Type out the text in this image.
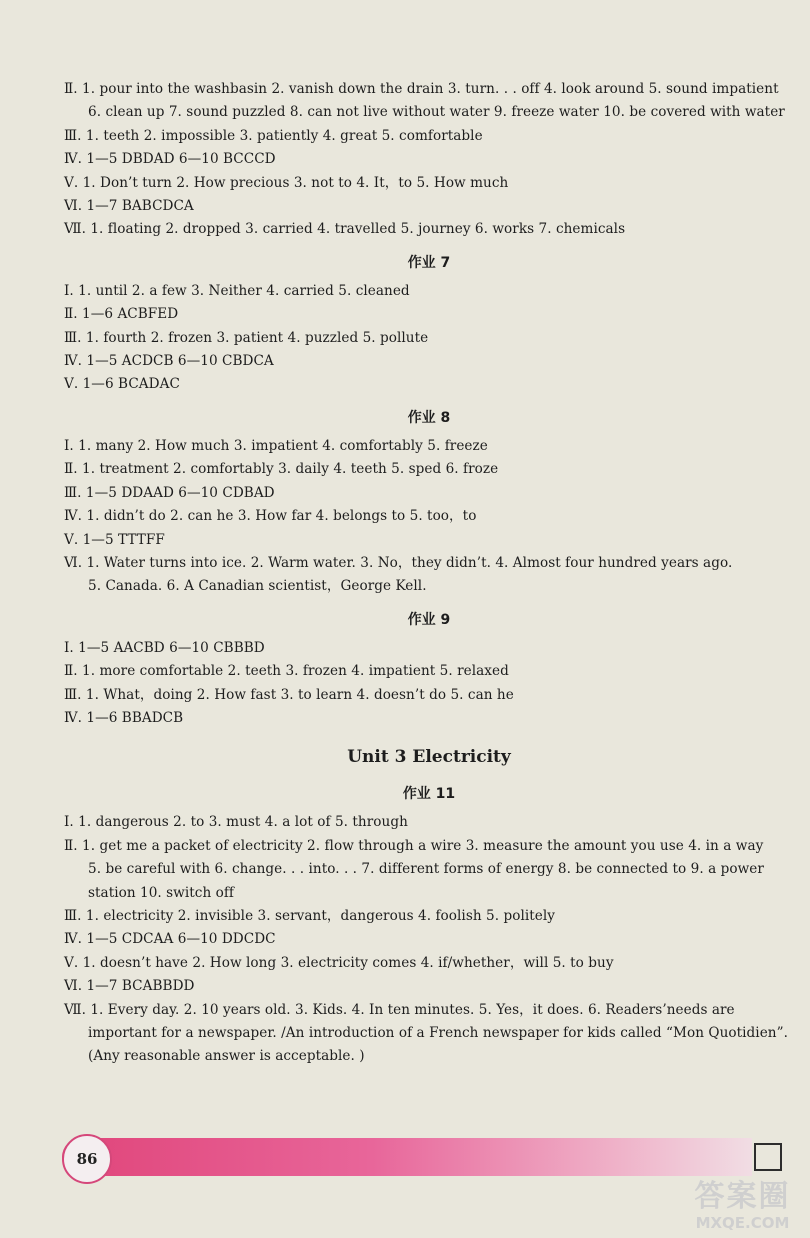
Ⅱ. 1. pour into the washbasin 2. vanish down the drain 3. turn. . . off 4. look around 5. sound impatient
6. clean up 7. sound puzzled 8. can not live without water 9. freeze water 10. be covered with water
Ⅲ. 1. teeth 2. impossible 3. patiently 4. great 5. comfortable
Ⅳ. 1—5 DBDAD 6—10 BCCCD
Ⅴ. 1. Don’t turn 2. How precious 3. not to 4. It，to 5. How much
Ⅵ. 1—7 BABCDCA
Ⅶ. 1. floating 2. dropped 3. carried 4. travelled 5. journey 6. works 7. chemicals
作业 7
Ⅰ. 1. until 2. a few 3. Neither 4. carried 5. cleaned
Ⅱ. 1—6 ACBFED
Ⅲ. 1. fourth 2. frozen 3. patient 4. puzzled 5. pollute
Ⅳ. 1—5 ACDCB 6—10 CBDCA
Ⅴ. 1—6 BCADAC
作业 8
Ⅰ. 1. many 2. How much 3. impatient 4. comfortably 5. freeze
Ⅱ. 1. treatment 2. comfortably 3. daily 4. teeth 5. sped 6. froze
Ⅲ. 1—5 DDAAD 6—10 CDBAD
Ⅳ. 1. didn’t do 2. can he 3. How far 4. belongs to 5. too，to
Ⅴ. 1—5 TTTFF
Ⅵ. 1. Water turns into ice. 2. Warm water. 3. No，they didn’t. 4. Almost four hundred years ago.
5. Canada. 6. A Canadian scientist，George Kell.
作业 9
Ⅰ. 1—5 AACBD 6—10 CBBBD
Ⅱ. 1. more comfortable 2. teeth 3. frozen 4. impatient 5. relaxed
Ⅲ. 1. What，doing 2. How fast 3. to learn 4. doesn’t do 5. can he
Ⅳ. 1—6 BBADCB
Unit 3 Electricity
作业 11
Ⅰ. 1. dangerous 2. to 3. must 4. a lot of 5. through
Ⅱ. 1. get me a packet of electricity 2. flow through a wire 3. measure the amount you use 4. in a way
5. be careful with 6. change. . . into. . . 7. different forms of energy 8. be connected to 9. a power
station 10. switch off
Ⅲ. 1. electricity 2. invisible 3. servant，dangerous 4. foolish 5. politely
Ⅳ. 1—5 CDCAA 6—10 DDCDC
Ⅴ. 1. doesn’t have 2. How long 3. electricity comes 4. if/whether，will 5. to buy
Ⅵ. 1—7 BCABBDD
Ⅶ. 1. Every day. 2. 10 years old. 3. Kids. 4. In ten minutes. 5. Yes，it does. 6. Readers’needs are
important for a newspaper. /An introduction of a French newspaper for kids called “Mon Quotidien”.
(Any reasonable answer is acceptable. )
86
答案圈
MXQE.COM
